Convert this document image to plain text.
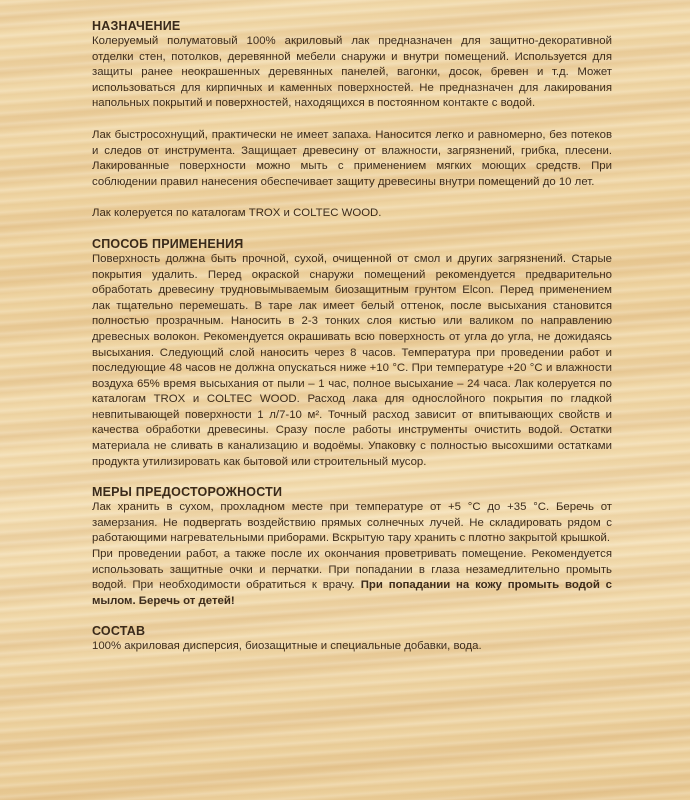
НАЗНАЧЕНИЕ

Колеруемый полуматовый 100% акриловый лак предназначен для защитно-декоративной отделки стен, потолков, деревянной мебели снаружи и внутри помещений. Используется для защиты ранее неокрашенных деревянных панелей, вагонки, досок, бревен и т.д. Может использоваться для кирпичных и каменных поверхностей. Не предназначен для лакирования напольных покрытий и поверхностей, находящихся в постоянном контакте с водой.

Лак быстросохнущий, практически не имеет запаха. Наносится легко и равномерно, без потеков и следов от инструмента. Защищает древесину от влажности, загрязнений, грибка, плесени. Лакированные поверхности можно мыть с применением мягких моющих средств. При соблюдении правил нанесения обеспечивает защиту древесины внутри помещений до 10 лет.

Лак колеруется по каталогам TROX и COLTEC WOOD.

СПОСОБ ПРИМЕНЕНИЯ

Поверхность должна быть прочной, сухой, очищенной от смол и других загрязнений. Старые покрытия удалить. Перед окраской снаружи помещений рекомендуется предварительно обработать древесину трудновымываемым биозащитным грунтом Elcon. Перед применением лак тщательно перемешать. В таре лак имеет белый оттенок, после высыхания становится полностью прозрачным. Наносить в 2-3 тонких слоя кистью или валиком по направлению древесных волокон. Рекомендуется окрашивать всю поверхность от угла до угла, не дожидаясь высыхания. Следующий слой наносить через 8 часов. Температура при проведении работ и последующие 48 часов не должна опускаться ниже +10 °С. При температуре +20 °С и влажности воздуха 65% время высыхания от пыли – 1 час, полное высыхание – 24 часа. Лак колеруется по каталогам TROX и COLTEC WOOD. Расход лака для однослойного покрытия по гладкой невпитывающей поверхности 1 л/7-10 м². Точный расход зависит от впитывающих свойств и качества обработки древесины. Сразу после работы инструменты очистить водой. Остатки материала не сливать в канализацию и водоёмы. Упаковку с полностью высохшими остатками продукта утилизировать как бытовой или строительный мусор.

МЕРЫ ПРЕДОСТОРОЖНОСТИ

Лак хранить в сухом, прохладном месте при температуре от +5 °С до +35 °С. Беречь от замерзания. Не подвергать воздействию прямых солнечных лучей. Не складировать рядом с работающими нагревательными приборами. Вскрытую тару хранить с плотно закрытой крышкой.

При проведении работ, а также после их окончания проветривать помещение. Рекомендуется использовать защитные очки и перчатки. При попадании в глаза незамедлительно промыть водой. При необходимости обратиться к врачу. При попадании на кожу промыть водой с мылом. Беречь от детей!

СОСТАВ

100% акриловая дисперсия, биозащитные и специальные добавки, вода.
